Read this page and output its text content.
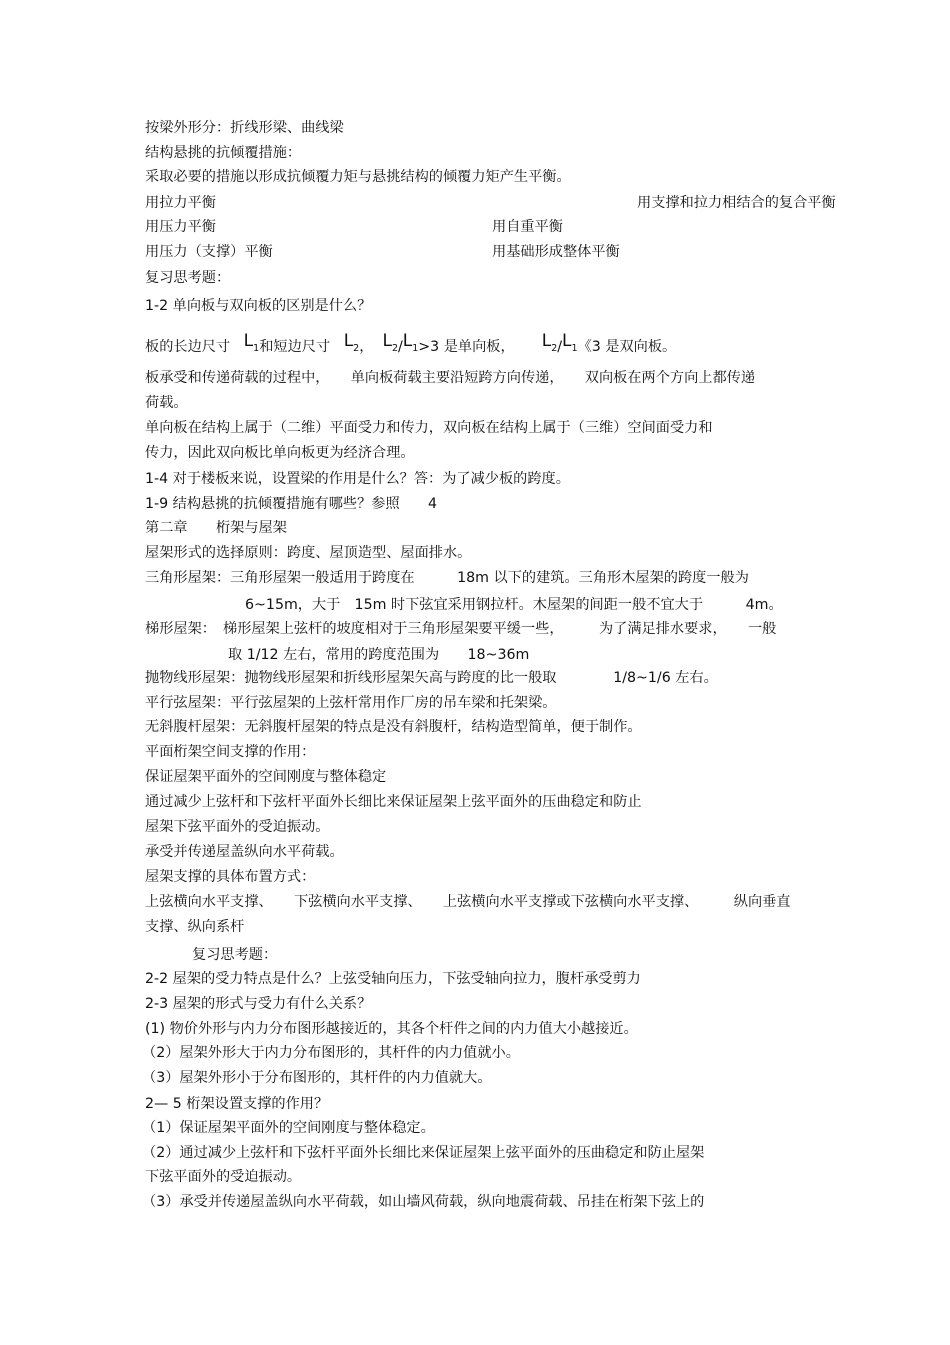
按梁外形分：折线形梁、曲线梁
结构悬挑的抗倾覆措施：
采取必要的措施以形成抗倾覆力矩与悬挑结构的倾覆力矩产生平衡。
用拉力平衡	用支撑和拉力相结合的复合平衡
用压力平衡	用自重平衡
用压力（支撑）平衡	用基础形成整体平衡
复习思考题：
1-2 单向板与双向板的区别是什么？
板的长边尺寸 L1和短边尺寸 L2， L2/L1>3 是单向板， L2/L1《3 是双向板。
板承受和传递荷载的过程中，　　单向板荷载主要沿短跨方向传递，　　双向板在两个方向上都传递
荷载。
单向板在结构上属于（二维）平面受力和传力，双向板在结构上属于（三维）空间面受力和
传力，因此双向板比单向板更为经济合理。
1-4 对于楼板来说，设置梁的作用是什么？答：为了减少板的跨度。
1-9 结构悬挑的抗倾覆措施有哪些？参照　　4
第二章　　桁架与屋架
屋架形式的选择原则：跨度、屋顶造型、屋面排水。
三角形屋架：三角形屋架一般适用于跨度在　　　18m 以下的建筑。三角形木屋架的跨度一般为
6~15m，大于　15m 时下弦宜采用钢拉杆。木屋架的间距一般不宜大于　　　4m。
梯形屋架：　梯形屋架上弦杆的坡度相对于三角形屋架要平缓一些，　　　为了满足排水要求，　　一般
取 1/12 左右，常用的跨度范围为　　18~36m
抛物线形屋架：抛物线形屋架和折线形屋架矢高与跨度的比一般取　　　　1/8~1/6 左右。
平行弦屋架：平行弦屋架的上弦杆常用作厂房的吊车梁和托架梁。
无斜腹杆屋架：无斜腹杆屋架的特点是没有斜腹杆，结构造型简单，便于制作。
平面桁架空间支撑的作用：
保证屋架平面外的空间刚度与整体稳定
通过减少上弦杆和下弦杆平面外长细比来保证屋架上弦平面外的压曲稳定和防止
屋架下弦平面外的受迫振动。
承受并传递屋盖纵向水平荷载。
屋架支撑的具体布置方式：
上弦横向水平支撑、　　下弦横向水平支撑、　　上弦横向水平支撑或下弦横向水平支撑、　　　纵向垂直
支撑、纵向系杆
复习思考题：
2-2 屋架的受力特点是什么？上弦受轴向压力，下弦受轴向拉力，腹杆承受剪力
2-3 屋架的形式与受力有什么关系？
(1) 物价外形与内力分布图形越接近的，其各个杆件之间的内力值大小越接近。
（2）屋架外形大于内力分布图形的，其杆件的内力值就小。
（3）屋架外形小于分布图形的，其杆件的内力值就大。
2— 5 桁架设置支撑的作用？
（1）保证屋架平面外的空间刚度与整体稳定。
（2）通过减少上弦杆和下弦杆平面外长细比来保证屋架上弦平面外的压曲稳定和防止屋架
下弦平面外的受迫振动。
（3）承受并传递屋盖纵向水平荷载，如山墙风荷载，纵向地震荷载、吊挂在桁架下弦上的
